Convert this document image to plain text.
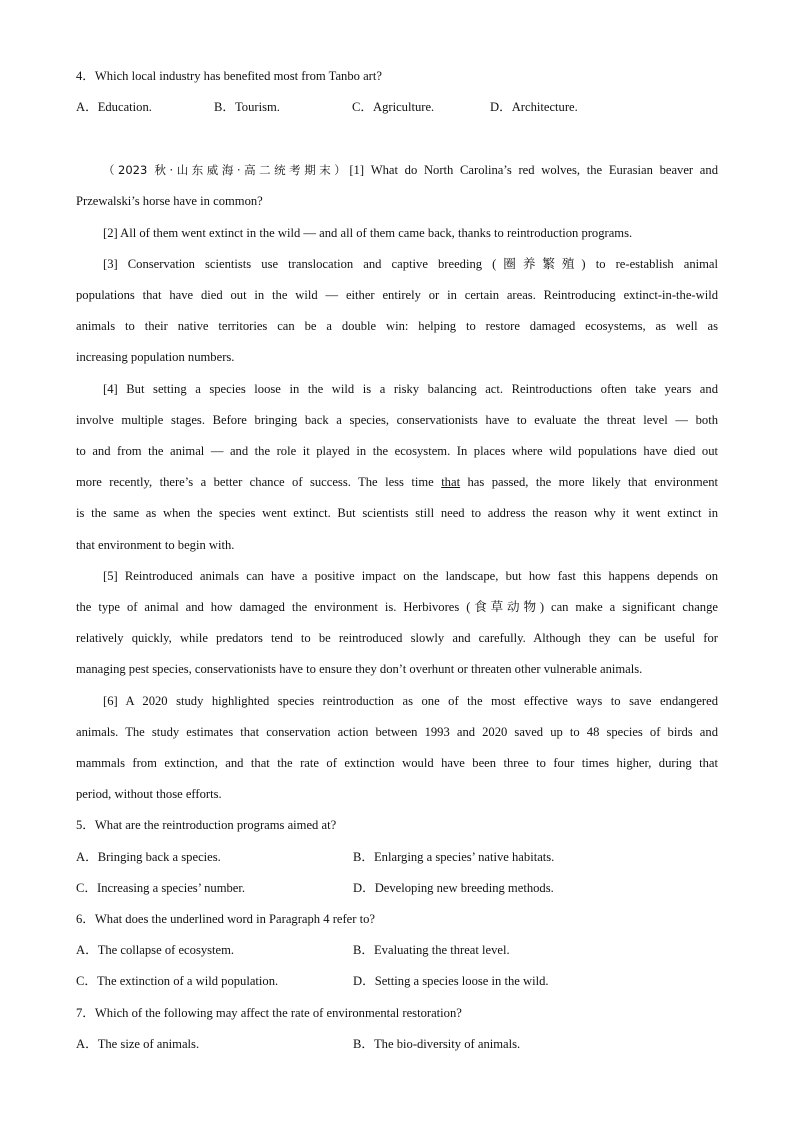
4．Which local industry has benefited most from Tanbo art?
A．Education.	B．Tourism.	C．Agriculture.	D．Architecture.
（2023 秋·山东威海·高二统考期末）[1] What do North Carolina’s red wolves, the Eurasian beaver and
Przewalski’s horse have in common?
[2] All of them went extinct in the wild — and all of them came back, thanks to reintroduction programs.
[3] Conservation scientists use translocation and captive breeding (圈养繁殖) to re-establish animal
populations that have died out in the wild — either entirely or in certain areas. Reintroducing extinct-in-the-wild
animals to their native territories can be a double win: helping to restore damaged ecosystems, as well as
increasing population numbers.
[4] But setting a species loose in the wild is a risky balancing act. Reintroductions often take years and
involve multiple stages. Before bringing back a species, conservationists have to evaluate the threat level — both
to and from the animal — and the role it played in the ecosystem. In places where wild populations have died out
more recently, there’s a better chance of success. The less time that has passed, the more likely that environment
is the same as when the species went extinct. But scientists still need to address the reason why it went extinct in
that environment to begin with.
[5] Reintroduced animals can have a positive impact on the landscape, but how fast this happens depends on
the type of animal and how damaged the environment is. Herbivores (食草动物) can make a significant change
relatively quickly, while predators tend to be reintroduced slowly and carefully. Although they can be useful for
managing pest species, conservationists have to ensure they don’t overhunt or threaten other vulnerable animals.
[6] A 2020 study highlighted species reintroduction as one of the most effective ways to save endangered
animals. The study estimates that conservation action between 1993 and 2020 saved up to 48 species of birds and
mammals from extinction, and that the rate of extinction would have been three to four times higher, during that
period, without those efforts.
5．What are the reintroduction programs aimed at?
A．Bringing back a species.	B．Enlarging a species’ native habitats.
C．Increasing a species’ number.	D．Developing new breeding methods.
6．What does the underlined word in Paragraph 4 refer to?
A．The collapse of ecosystem.	B．Evaluating the threat level.
C．The extinction of a wild population.	D．Setting a species loose in the wild.
7．Which of the following may affect the rate of environmental restoration?
A．The size of animals.	B．The bio-diversity of animals.
